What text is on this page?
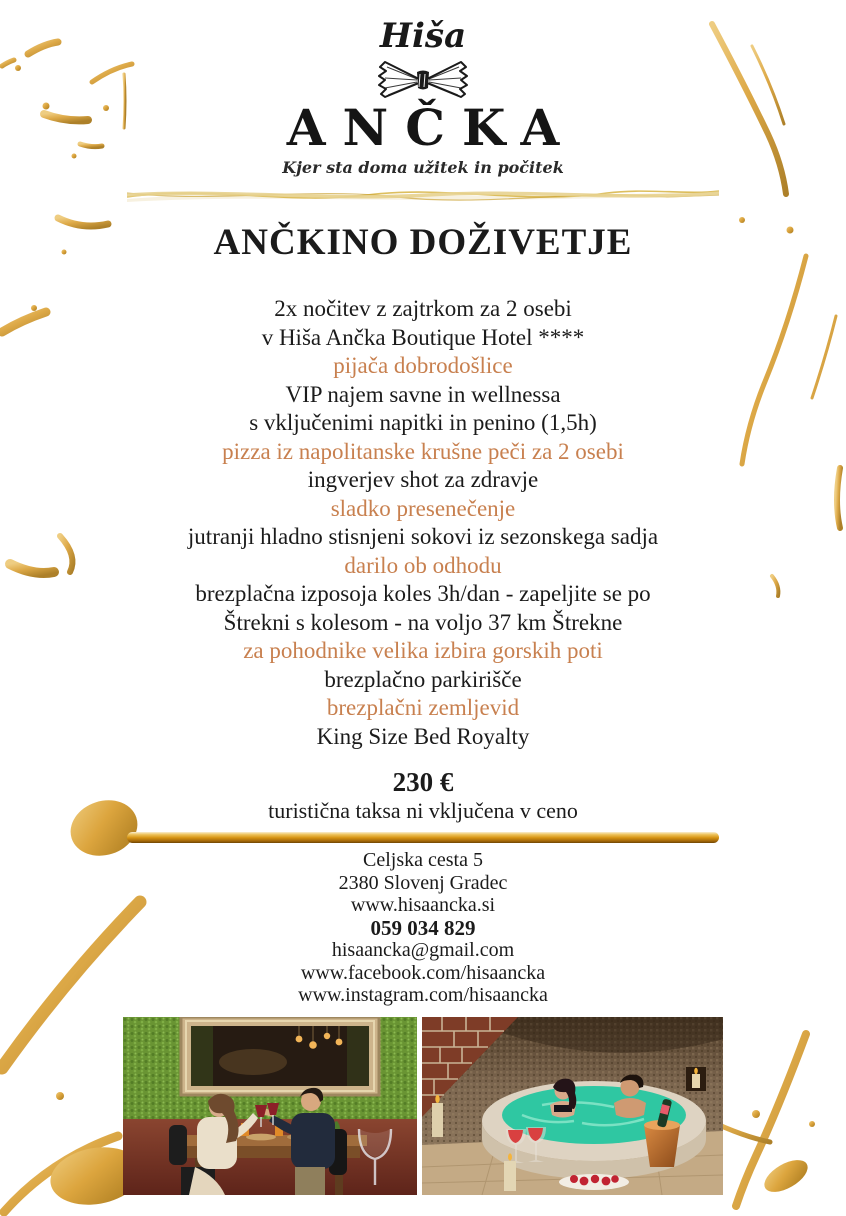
Hiša
ANČKA
Kjer sta doma užitek in počitek
ANČKINO DOŽIVETJE
2x nočitev z zajtrkom za 2 osebi
v Hiša Ančka Boutique Hotel ****
pijača dobrodošlice
VIP najem savne in wellnessa
s vključenimi napitki in penino (1,5h)
pizza iz napolitanske krušne peči za 2 osebi
ingverjev shot za zdravje
sladko presenečenje
jutranji hladno stisnjeni sokovi iz sezonskega sadja
darilo ob odhodu
brezplačna izposoja koles 3h/dan - zapeljite se po
Štrekni s kolesom - na voljo 37 km Štrekne
za pohodnike velika izbira gorskih poti
brezplačno parkirišče
brezplačni zemljevid
King Size Bed Royalty
230 €
turistična taksa ni vključena v ceno
Celjska cesta 5
2380 Slovenj Gradec
www.hisaancka.si
059 034 829
hisaancka@gmail.com
www.facebook.com/hisaancka
www.instagram.com/hisaancka
